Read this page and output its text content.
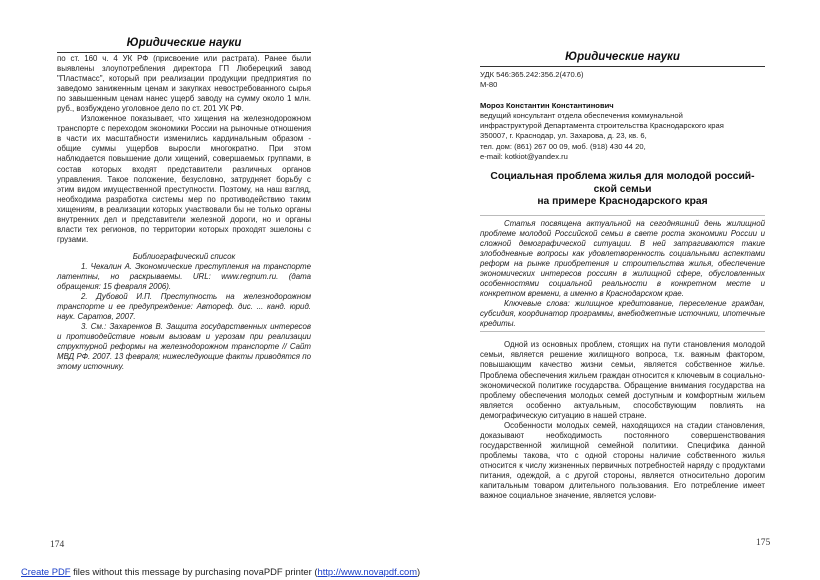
Юридические науки

по ст. 160 ч. 4 УК РФ (присвоение или растрата). Ранее были выявлены злоупотребления директора ГП Люберецкий завод "Пластмасс", который при реализации продукции предприятия по заведомо заниженным ценам и закупках невостребованного сырья по завышенным ценам нанес ущерб заводу на сумму около 1 млн. руб., возбуждено уголовное дело по ст. 201 УК РФ.

Изложенное показывает, что хищения на железнодорожном транспорте с переходом экономики России на рыночные отношения в части их масштабности изменились кардинальным образом - общие суммы ущербов выросли многократно. При этом наблюдается повышение доли хищений, совершаемых группами, в состав которых входят представители различных органов управления. Такое положение, безусловно, затрудняет борьбу с этим видом имущественной преступности. Поэтому, на наш взгляд, необходима разработка системы мер по противодействию таким хищениям, в реализации которых участвовали бы не только органы внутренних дел и представители железной дороги, но и органы власти тех регионов, по территории которых проходят эшелоны с грузами.

Библиографический список

1. Чекалин А. Экономические преступления на транспорте латентны, но раскрываемы. URL: www.regnum.ru. (дата обращения: 15 февраля 2006).

2. Дубовой И.П. Преступность на железнодорожном транспорте и ее предупреждение: Автореф. дис. ... канд. юрид. наук. Саратов, 2007.

3. См.: Захаренков В. Защита государственных интересов и противодействие новым вызовам и угрозам при реализации структурной реформы на железнодорожном транспорте // Сайт МВД РФ. 2007. 13 февраля; нижеследующие факты приводятся по этому источнику.

174
Юридические науки

УДК 546:365.242:356.2(470.6)

М-80

Мороз Константин Константинович

ведущий консультант отдела обеспечения коммунальной

инфраструктурой Департамента строительства Краснодарского края

350007, г. Краснодар, ул. Захарова, д. 23, кв. 6,

тел. дом: (861) 267 00 09, моб. (918) 430 44 20,

e-mail: kotkiot@yandex.ru

Социальная проблема жилья для молодой россий-

ской семьи

на примере Краснодарского края

Статья посвящена актуальной на сегодняшний день жилищной проблеме молодой Российской семьи в свете роста экономики России и сложной демографической ситуации. В ней затрагиваются такие злободневные вопросы как удовлетворенность социальными аспектами реформ на рынке приобретения и строительства жилья, обеспечение экономических интересов россиян в жилищной сфере, обусловленных особенностями социальной реальности в конкретном месте и конкретном времени, а именно в Краснодарском крае.

Ключевые слова: жилищное кредитование, переселение граждан, субсидия, координатор программы, внебюджетные источники, ипотечные кредиты.

Одной из основных проблем, стоящих на пути становления молодой семьи, является решение жилищного вопроса, т.к. важным фактором, повышающим качество жизни семьи, является собственное жилье. Проблема обеспечения жильем граждан относится к ключевым в социально-экономической политике государства. Обращение внимания государства на проблему обеспечения молодых семей доступным и комфортным жильем является особенно актуальным, способствующим повлиять на демографическую ситуацию в нашей стране.

Особенности молодых семей, находящихся на стадии становления, доказывают необходимость постоянного совершенствования государственной жилищной семейной политики. Специфика данной проблемы такова, что с одной стороны наличие собственного жилья относится к числу жизненных первичных потребностей наряду с продуктами питания, одеждой, а с другой стороны, является относительно дорогим капитальным товаром длительного пользования. Его потребление имеет важное социальное значение, является услови-

175
Create PDF files without this message by purchasing novaPDF printer (http://www.novapdf.com)
